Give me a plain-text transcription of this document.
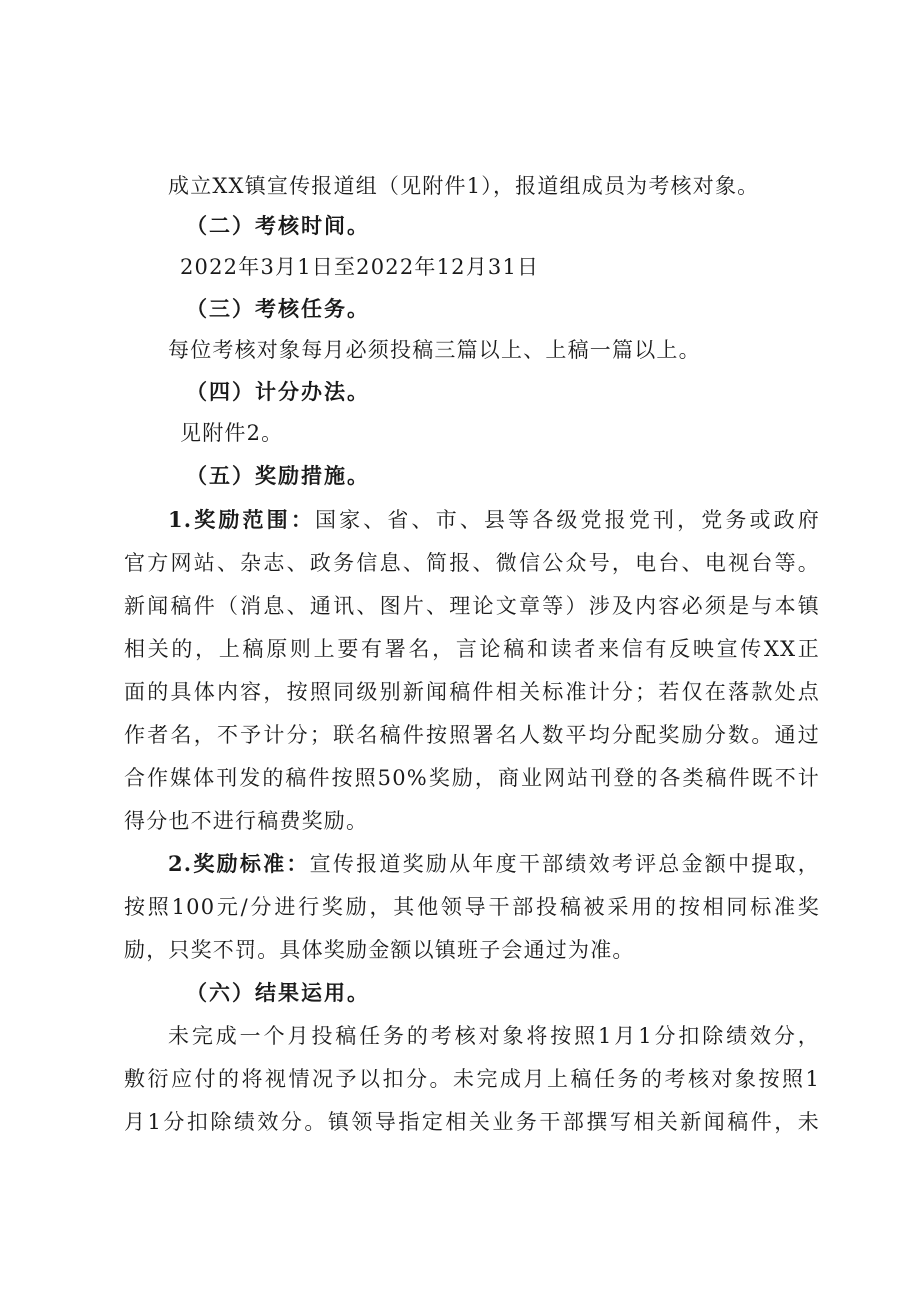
成立XX镇宣传报道组（见附件1），报道组成员为考核对象。
（二）考核时间。
2022年3月1日至2022年12月31日
（三）考核任务。
每位考核对象每月必须投稿三篇以上、上稿一篇以上。
（四）计分办法。
见附件2。
（五）奖励措施。
1.奖励范围：国家、省、市、县等各级党报党刊，党务或政府
官方网站、杂志、政务信息、简报、微信公众号，电台、电视台等。
新闻稿件（消息、通讯、图片、理论文章等）涉及内容必须是与本镇
相关的，上稿原则上要有署名，言论稿和读者来信有反映宣传XX正
面的具体内容，按照同级别新闻稿件相关标准计分；若仅在落款处点
作者名，不予计分；联名稿件按照署名人数平均分配奖励分数。通过
合作媒体刊发的稿件按照50%奖励，商业网站刊登的各类稿件既不计
得分也不进行稿费奖励。
2.奖励标准：宣传报道奖励从年度干部绩效考评总金额中提取，
按照100元/分进行奖励，其他领导干部投稿被采用的按相同标准奖
励，只奖不罚。具体奖励金额以镇班子会通过为准。
（六）结果运用。
未完成一个月投稿任务的考核对象将按照1月1分扣除绩效分，
敷衍应付的将视情况予以扣分。未完成月上稿任务的考核对象按照1
月1分扣除绩效分。镇领导指定相关业务干部撰写相关新闻稿件，未
